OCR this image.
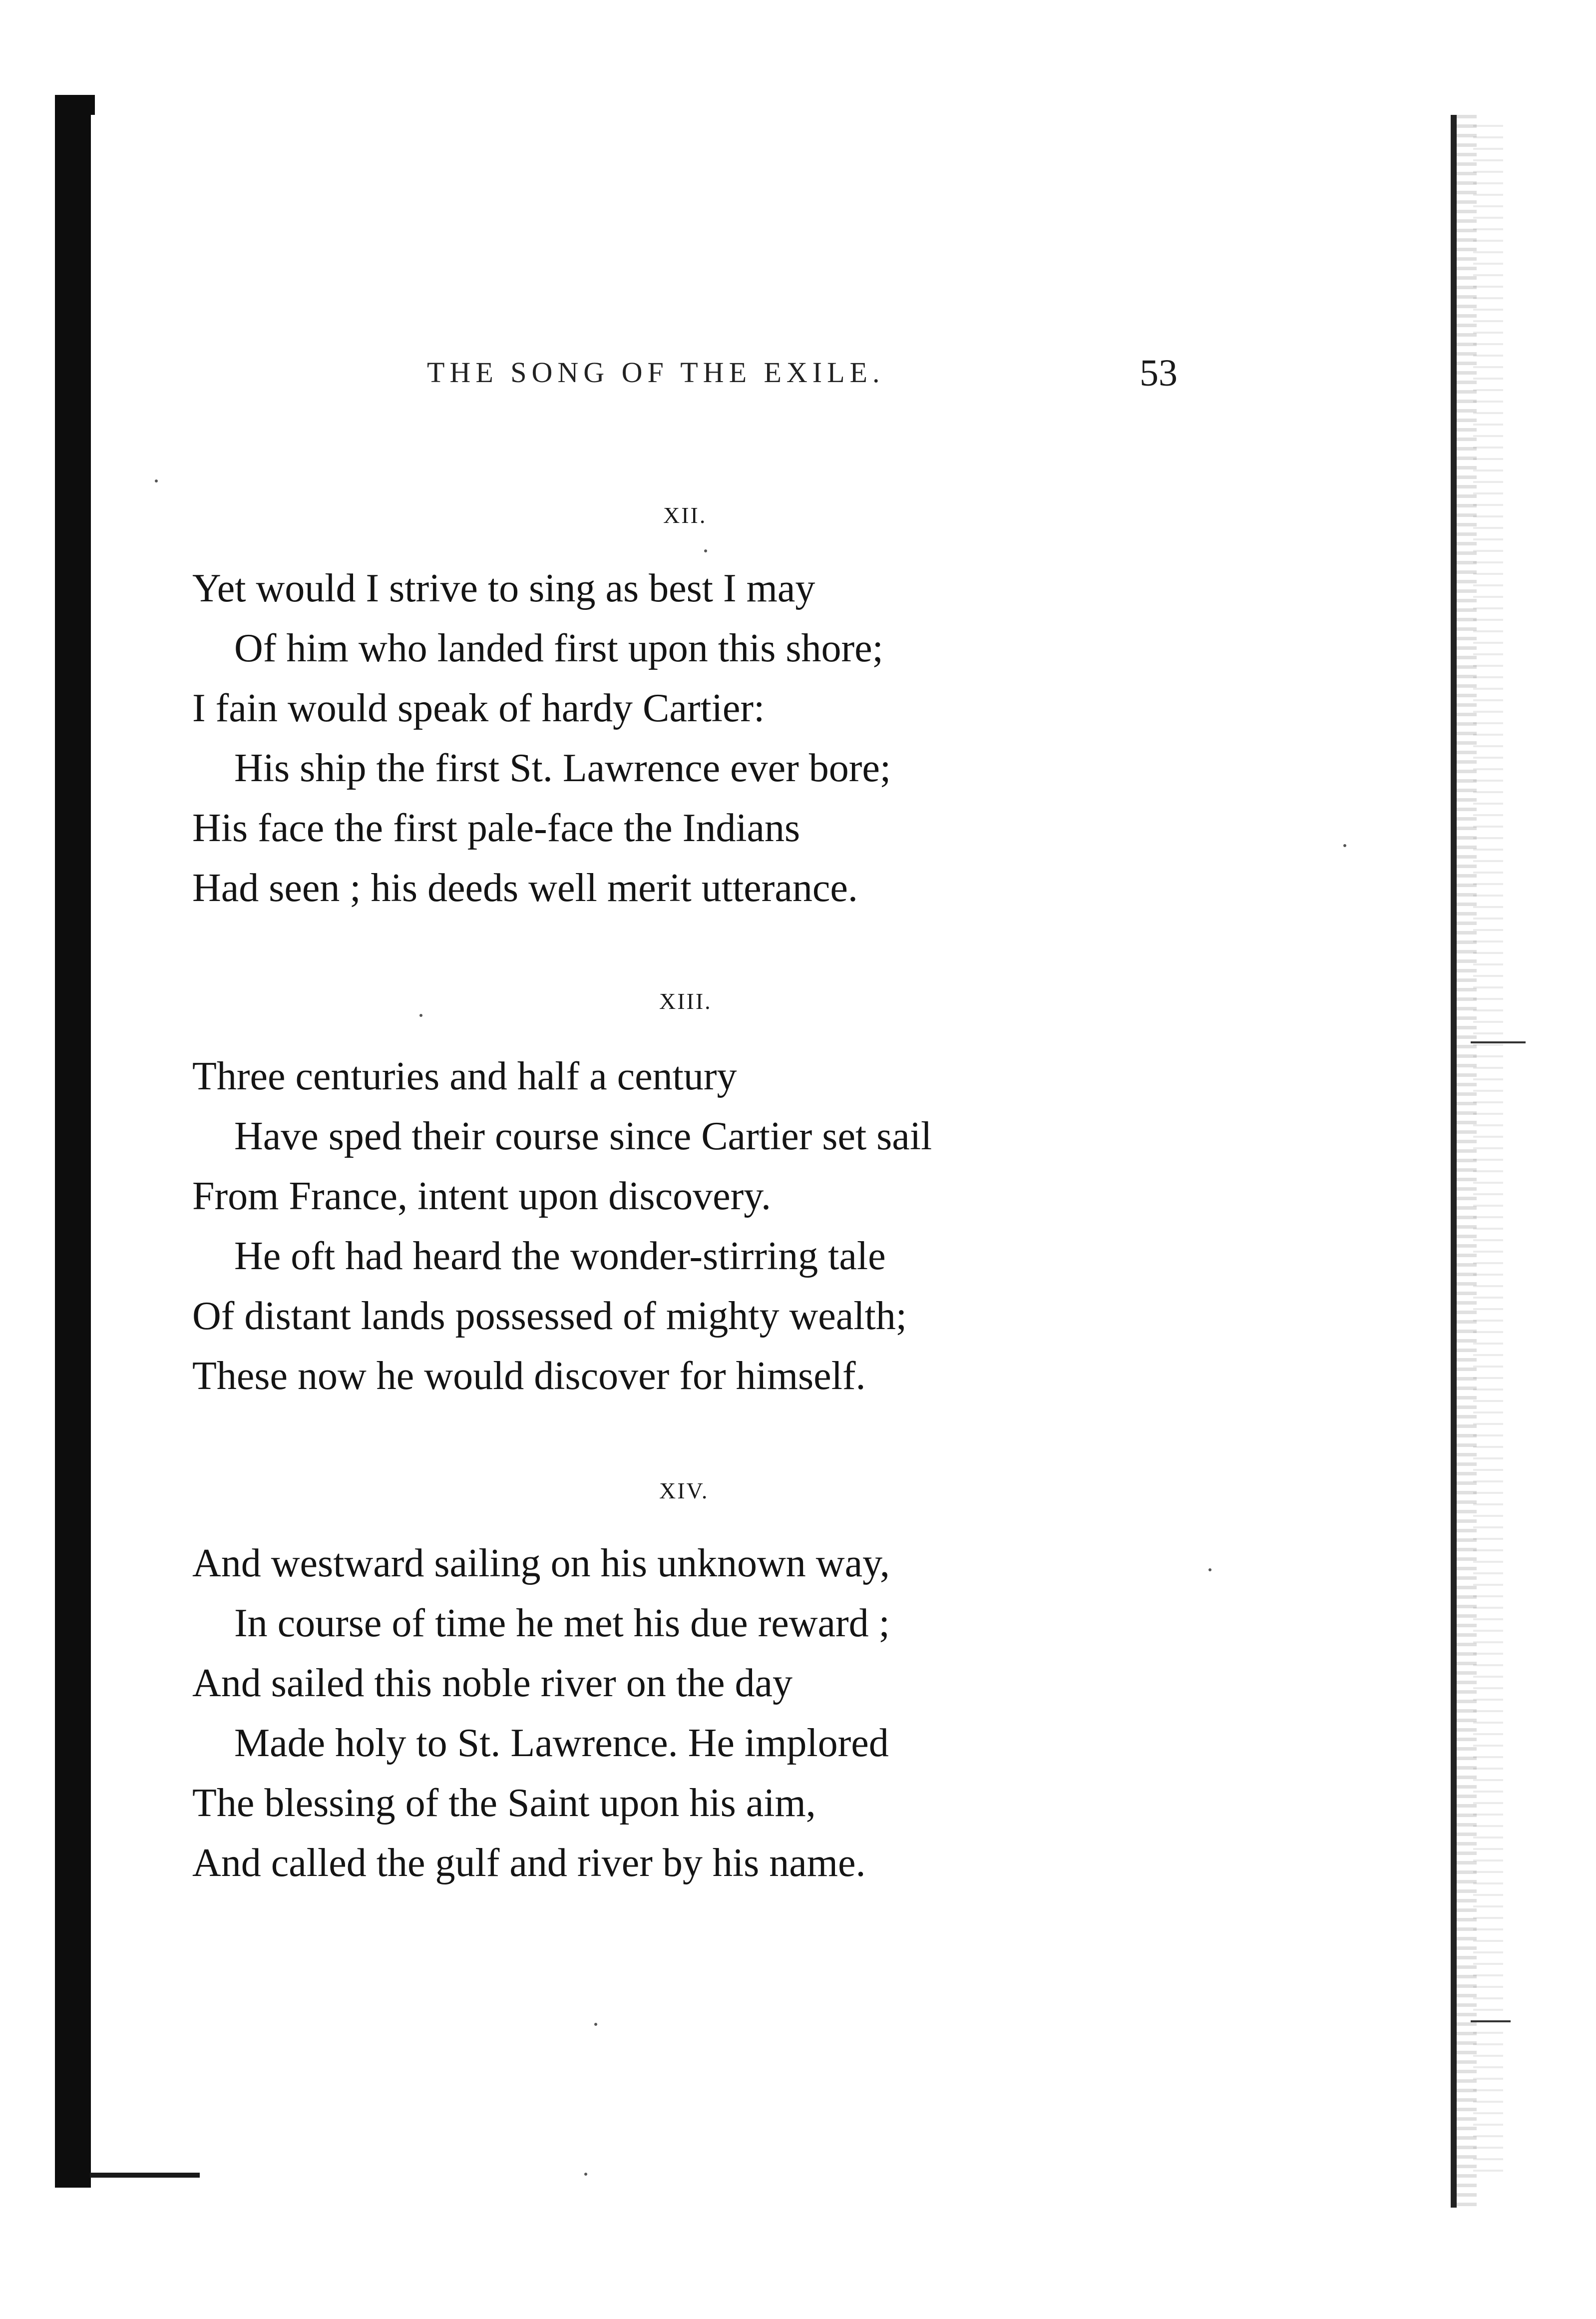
THE SONG OF THE EXILE.	53
XII.
Yet would I strive to sing as best I may
Of him who landed first upon this shore;
I fain would speak of hardy Cartier:
His ship the first St. Lawrence ever bore;
His face the first pale-face the Indians
Had seen ; his deeds well merit utterance.
XIII.
Three centuries and half a century
Have sped their course since Cartier set sail
From France, intent upon discovery.
He oft had heard the wonder-stirring tale
Of distant lands possessed of mighty wealth;
These now he would discover for himself.
XIV.
And westward sailing on his unknown way,
In course of time he met his due reward ;
And sailed this noble river on the day
Made holy to St. Lawrence. He implored
The blessing of the Saint upon his aim,
And called the gulf and river by his name.
